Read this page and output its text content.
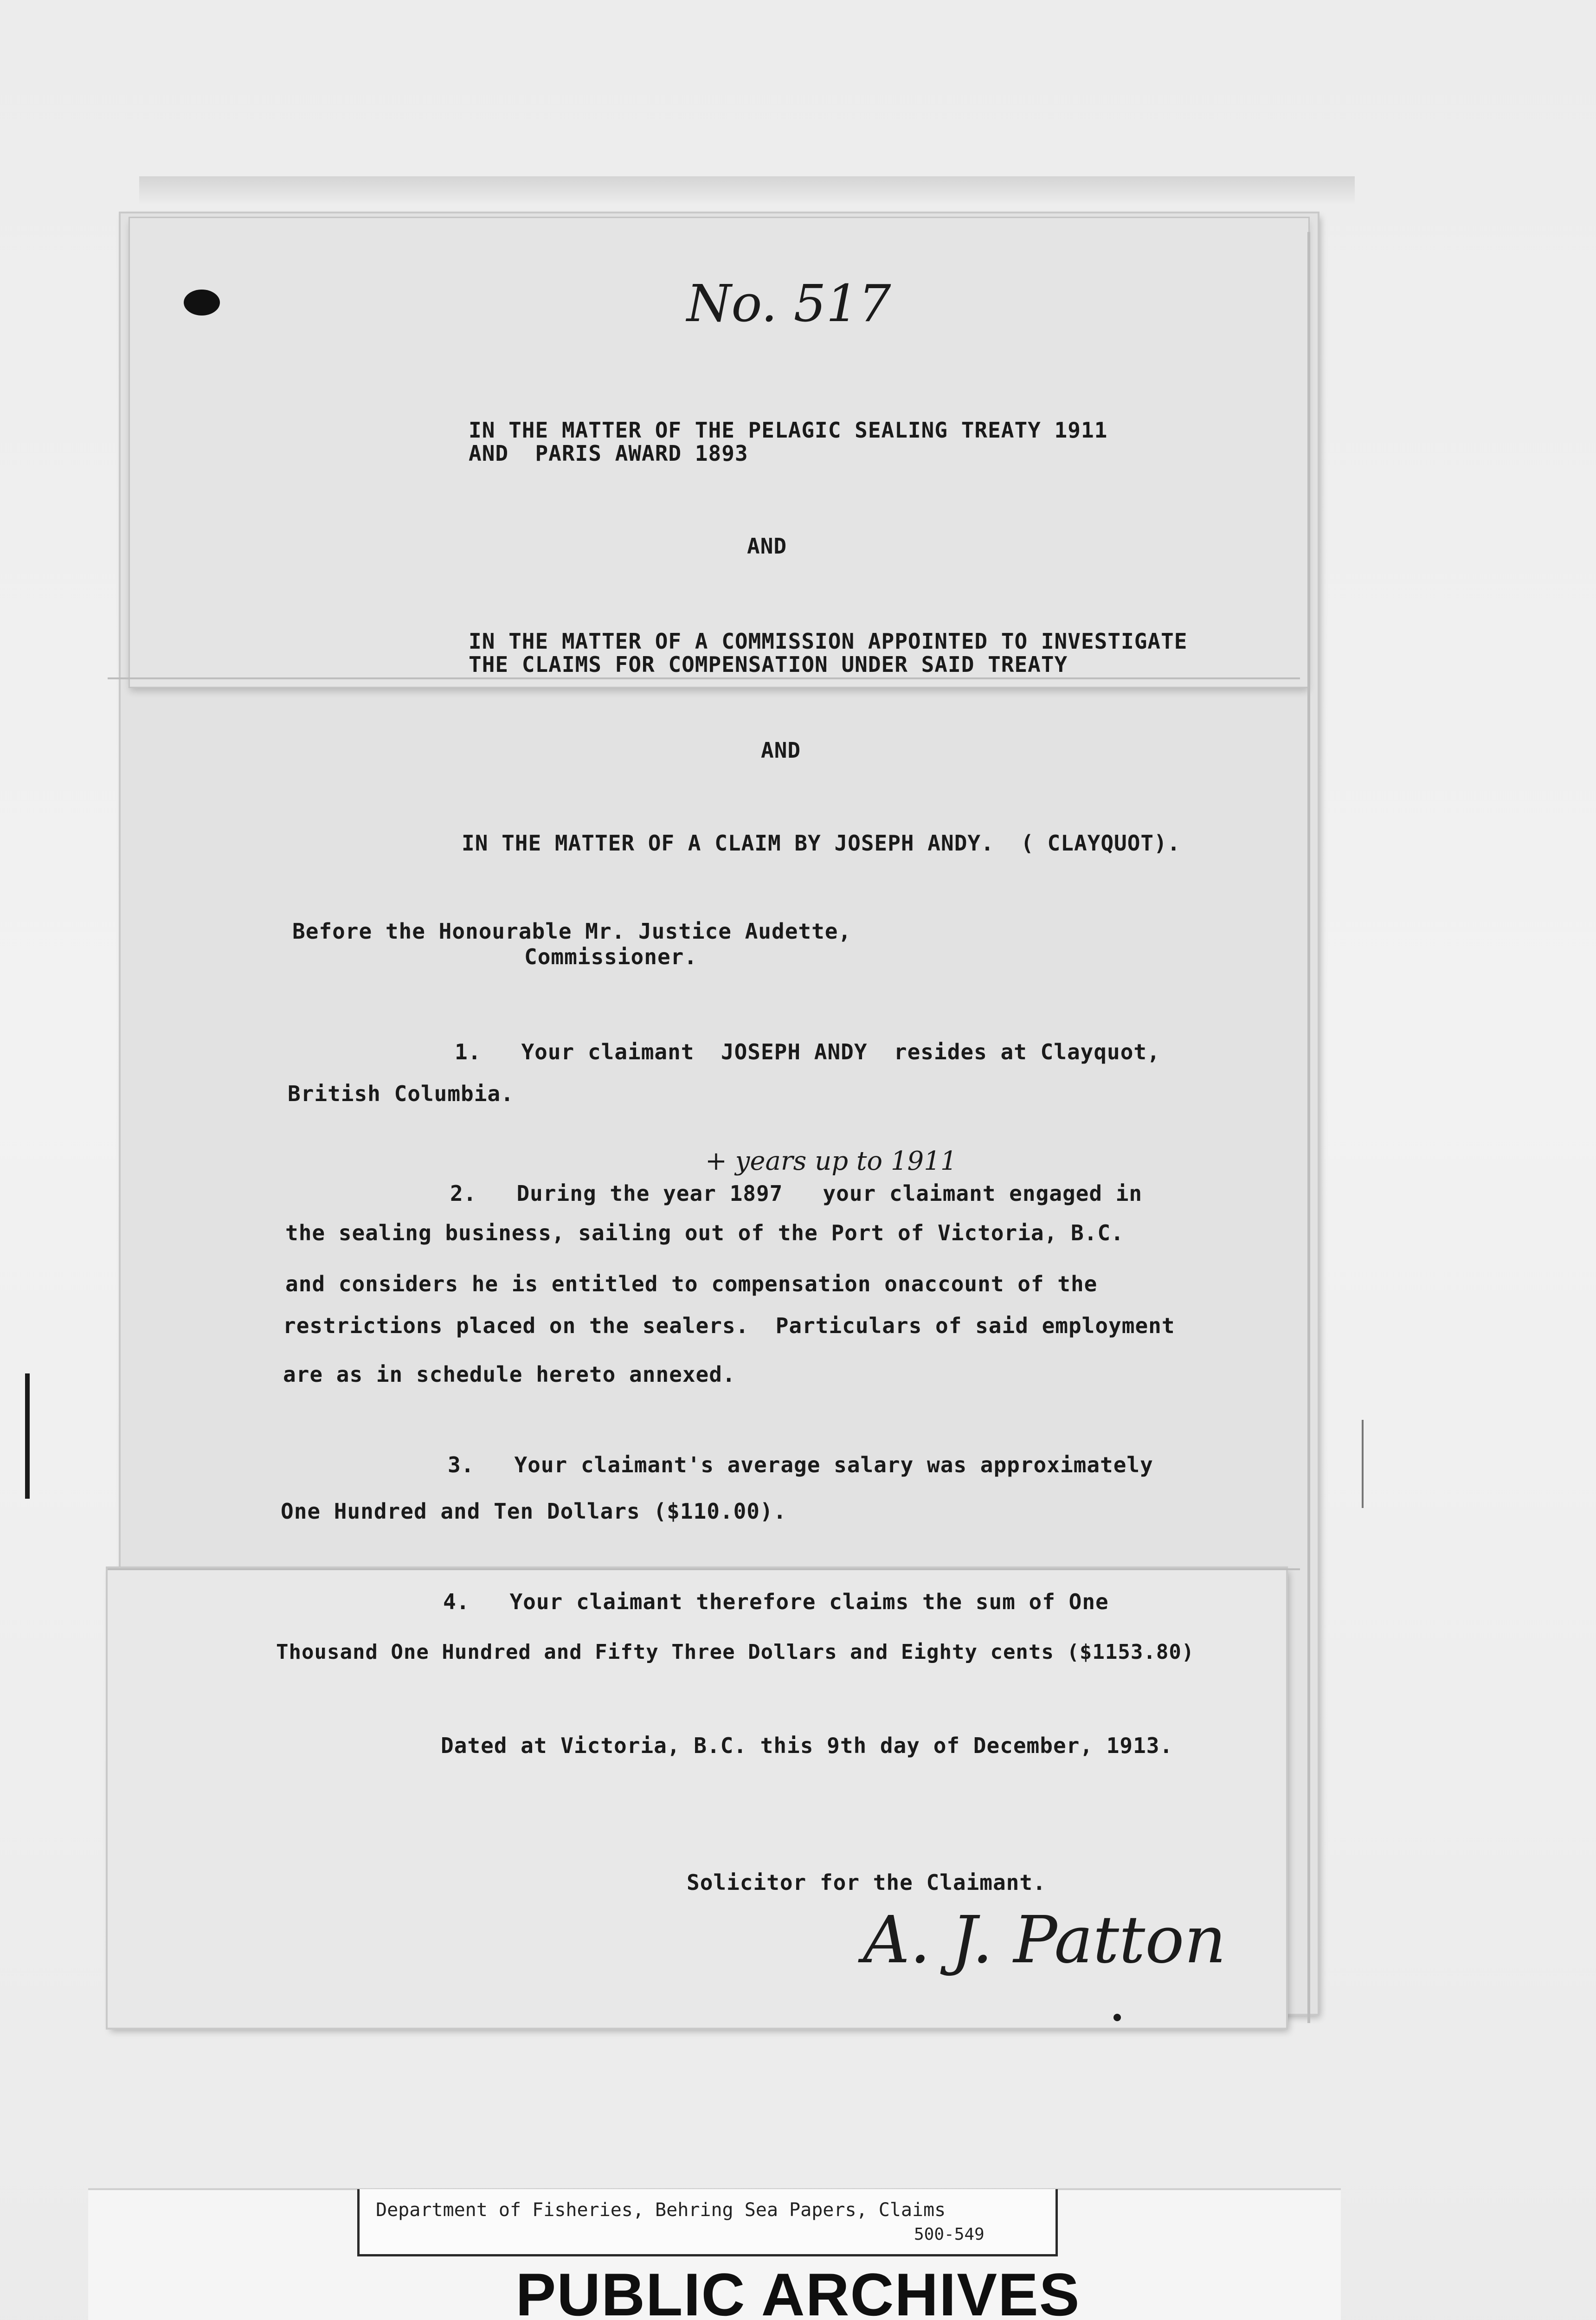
No. 517
IN THE MATTER OF THE PELAGIC SEALING TREATY 1911
AND  PARIS AWARD 1893
AND
IN THE MATTER OF A COMMISSION APPOINTED TO INVESTIGATE
THE CLAIMS FOR COMPENSATION UNDER SAID TREATY
AND
IN THE MATTER OF A CLAIM BY JOSEPH ANDY.  ( CLAYQUOT).
Before the Honourable Mr. Justice Audette,
Commissioner.
1.   Your claimant  JOSEPH ANDY  resides at Clayquot,
British Columbia.
+ years up to 1911
2.   During the year 1897   your claimant engaged in
the sealing business, sailing out of the Port of Victoria, B.C.
and considers he is entitled to compensation onaccount of the
restrictions placed on the sealers.  Particulars of said employment
are as in schedule hereto annexed.
3.   Your claimant's average salary was approximately
One Hundred and Ten Dollars ($110.00).
4.   Your claimant therefore claims the sum of One
Thousand One Hundred and Fifty Three Dollars and Eighty cents ($1153.80)
Dated at Victoria, B.C. this 9th day of December, 1913.
Solicitor for the Claimant.
A. J. Patton
Department of Fisheries, Behring Sea Papers, Claims
500-549
PUBLIC ARCHIVES
